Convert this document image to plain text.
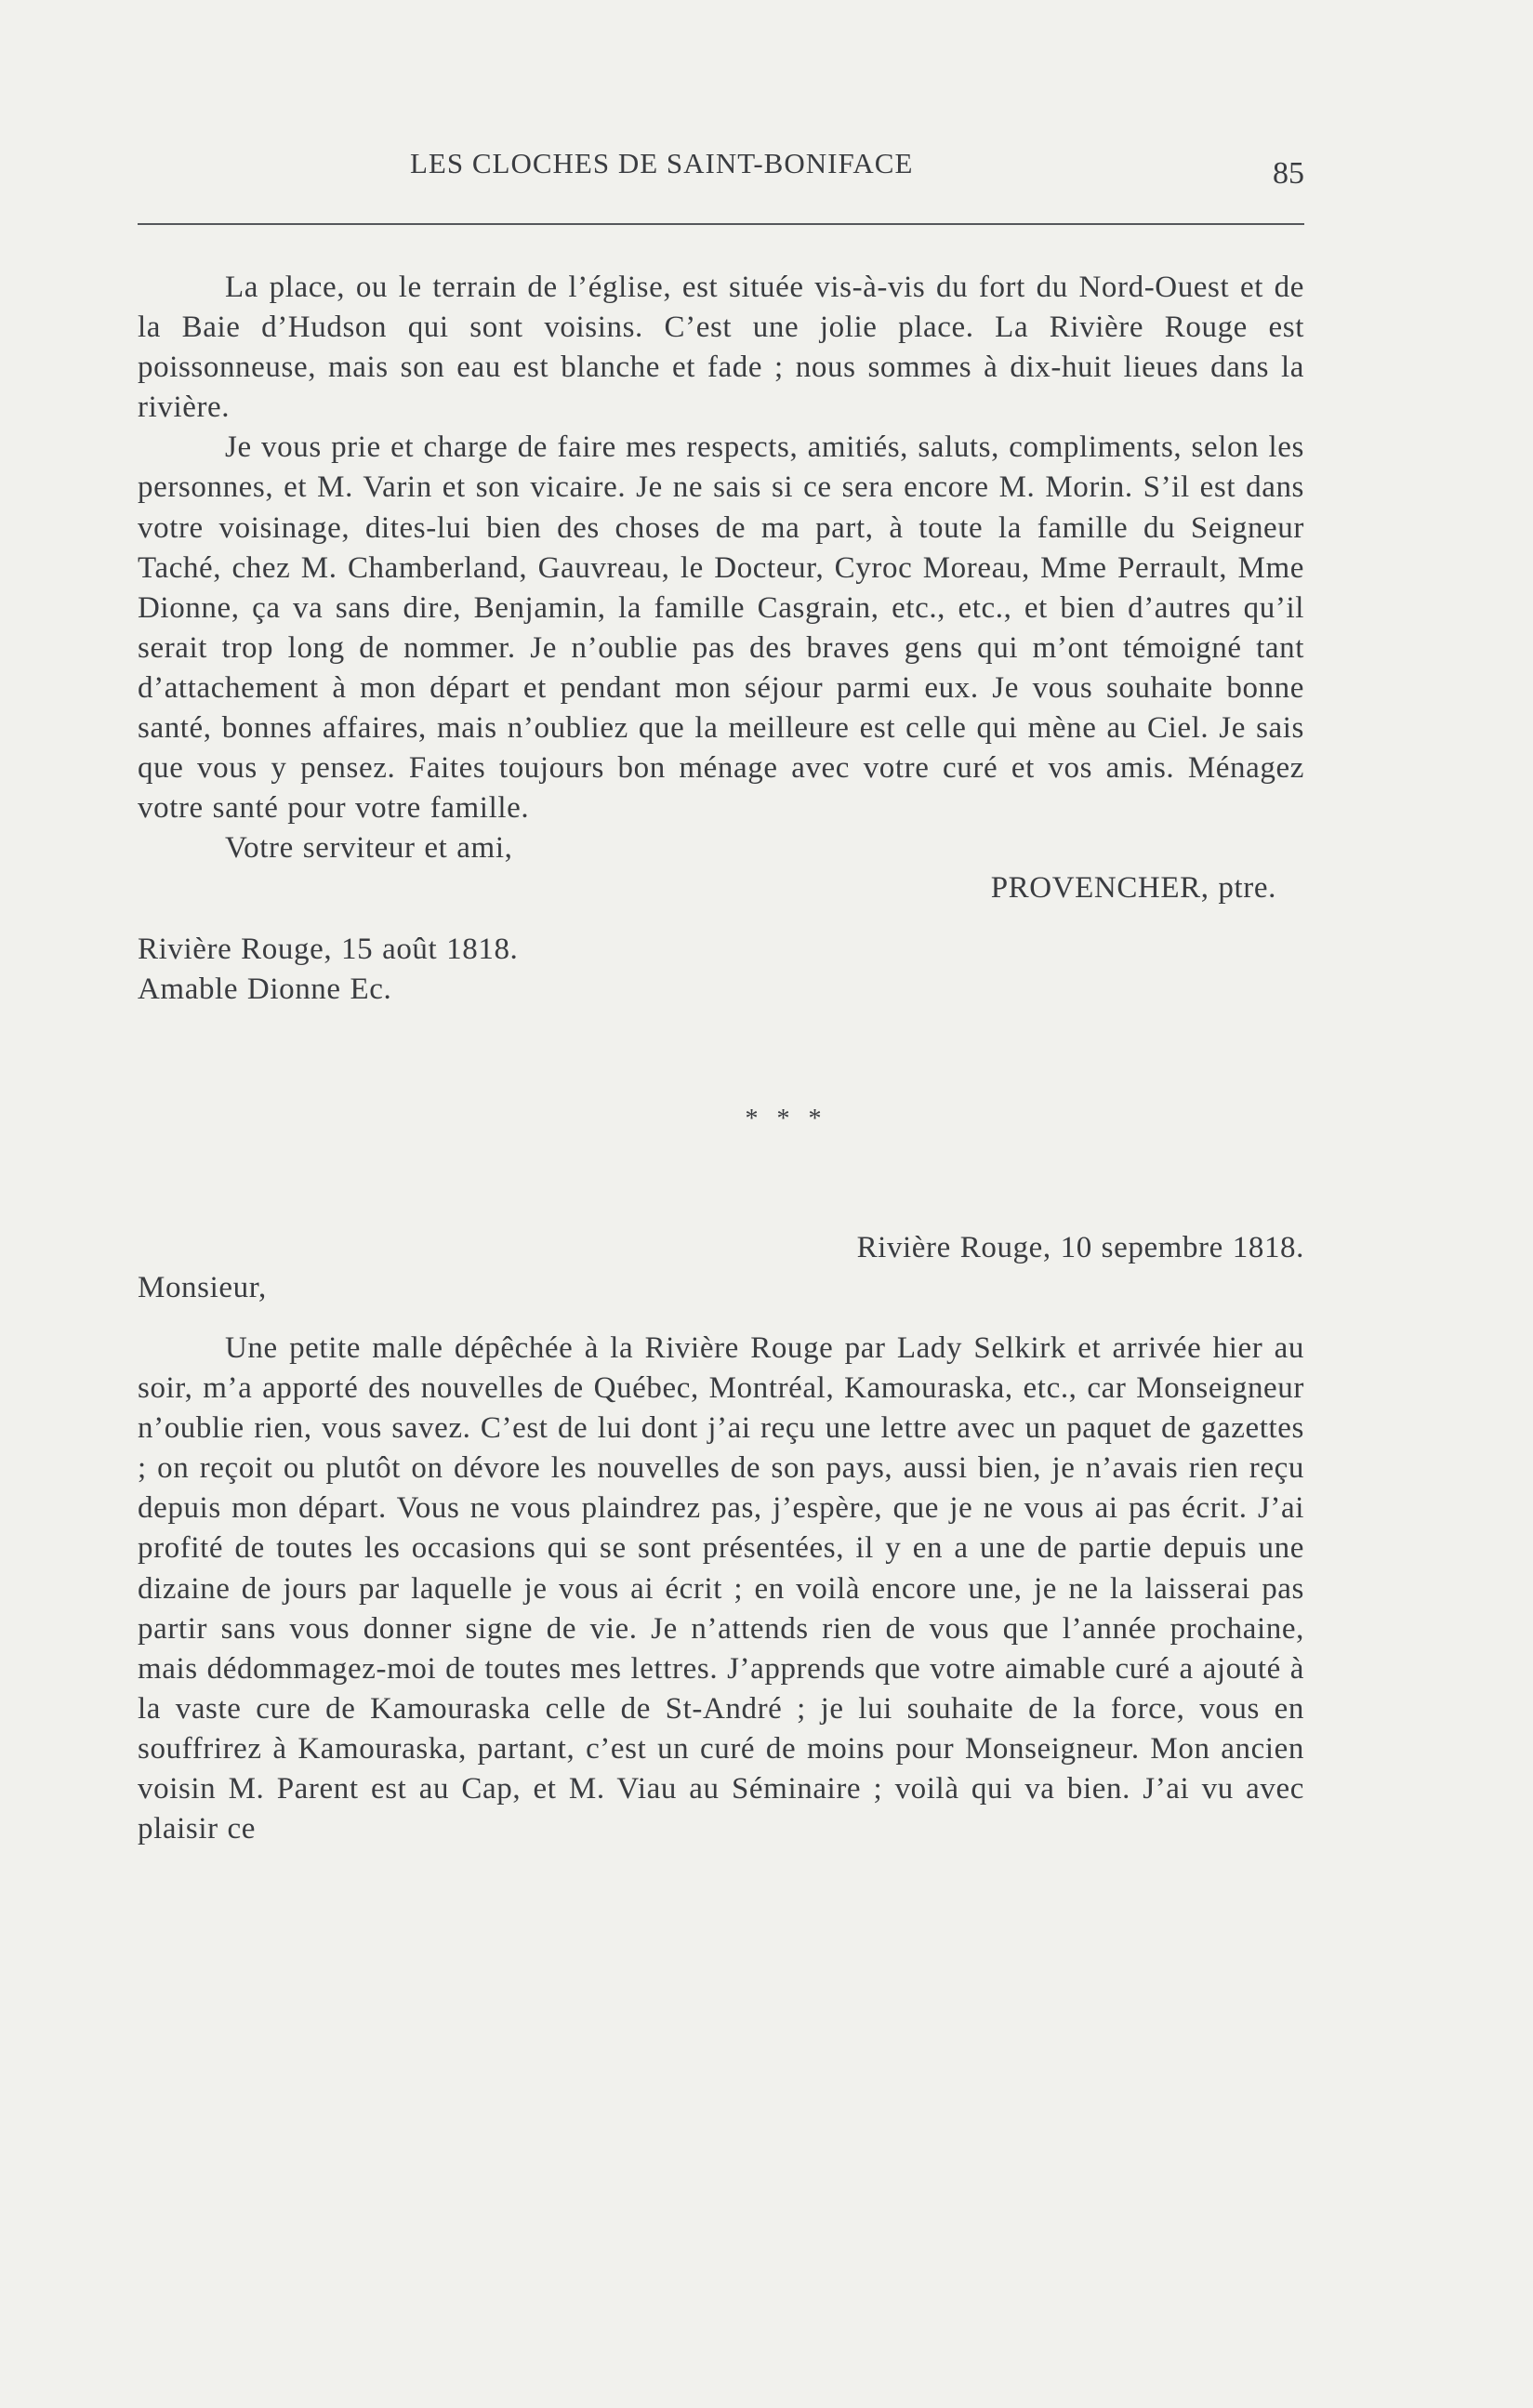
LES CLOCHES DE SAINT-BONIFACE	85

La place, ou le terrain de l’église, est située vis-à-vis du fort du Nord-Ouest et de la Baie d’Hudson qui sont voisins. C’est une jolie place. La Rivière Rouge est poissonneuse, mais son eau est blanche et fade ; nous sommes à dix-huit lieues dans la rivière.

Je vous prie et charge de faire mes respects, amitiés, saluts, compliments, selon les personnes, et M. Varin et son vicaire. Je ne sais si ce sera encore M. Morin. S’il est dans votre voisinage, dites-lui bien des choses de ma part, à toute la famille du Seigneur Taché, chez M. Chamberland, Gauvreau, le Docteur, Cyroc Moreau, Mme Perrault, Mme Dionne, ça va sans dire, Benjamin, la famille Casgrain, etc., etc., et bien d’autres qu’il serait trop long de nommer. Je n’oublie pas des braves gens qui m’ont témoigné tant d’attachement à mon départ et pendant mon séjour parmi eux. Je vous souhaite bonne santé, bonnes affaires, mais n’oubliez que la meilleure est celle qui mène au Ciel. Je sais que vous y pensez. Faites toujours bon ménage avec votre curé et vos amis. Ménagez votre santé pour votre famille.

Votre serviteur et ami,

PROVENCHER, ptre.

Rivière Rouge, 15 août 1818.

Amable Dionne Ec.

* * *

Rivière Rouge, 10 sepembre 1818.

Monsieur,

Une petite malle dépêchée à la Rivière Rouge par Lady Selkirk et arrivée hier au soir, m’a apporté des nouvelles de Québec, Montréal, Kamouraska, etc., car Monseigneur n’oublie rien, vous savez. C’est de lui dont j’ai reçu une lettre avec un paquet de gazettes ; on reçoit ou plutôt on dévore les nouvelles de son pays, aussi bien, je n’avais rien reçu depuis mon départ. Vous ne vous plaindrez pas, j’espère, que je ne vous ai pas écrit. J’ai profité de toutes les occasions qui se sont présentées, il y en a une de partie depuis une dizaine de jours par laquelle je vous ai écrit ; en voilà encore une, je ne la laisserai pas partir sans vous donner signe de vie. Je n’attends rien de vous que l’année prochaine, mais dédommagez-moi de toutes mes lettres. J’apprends que votre aimable curé a ajouté à la vaste cure de Kamouraska celle de St-André ; je lui souhaite de la force, vous en souffrirez à Kamouraska, partant, c’est un curé de moins pour Monseigneur. Mon ancien voisin M. Parent est au Cap, et M. Viau au Séminaire ; voilà qui va bien. J’ai vu avec plaisir ce
